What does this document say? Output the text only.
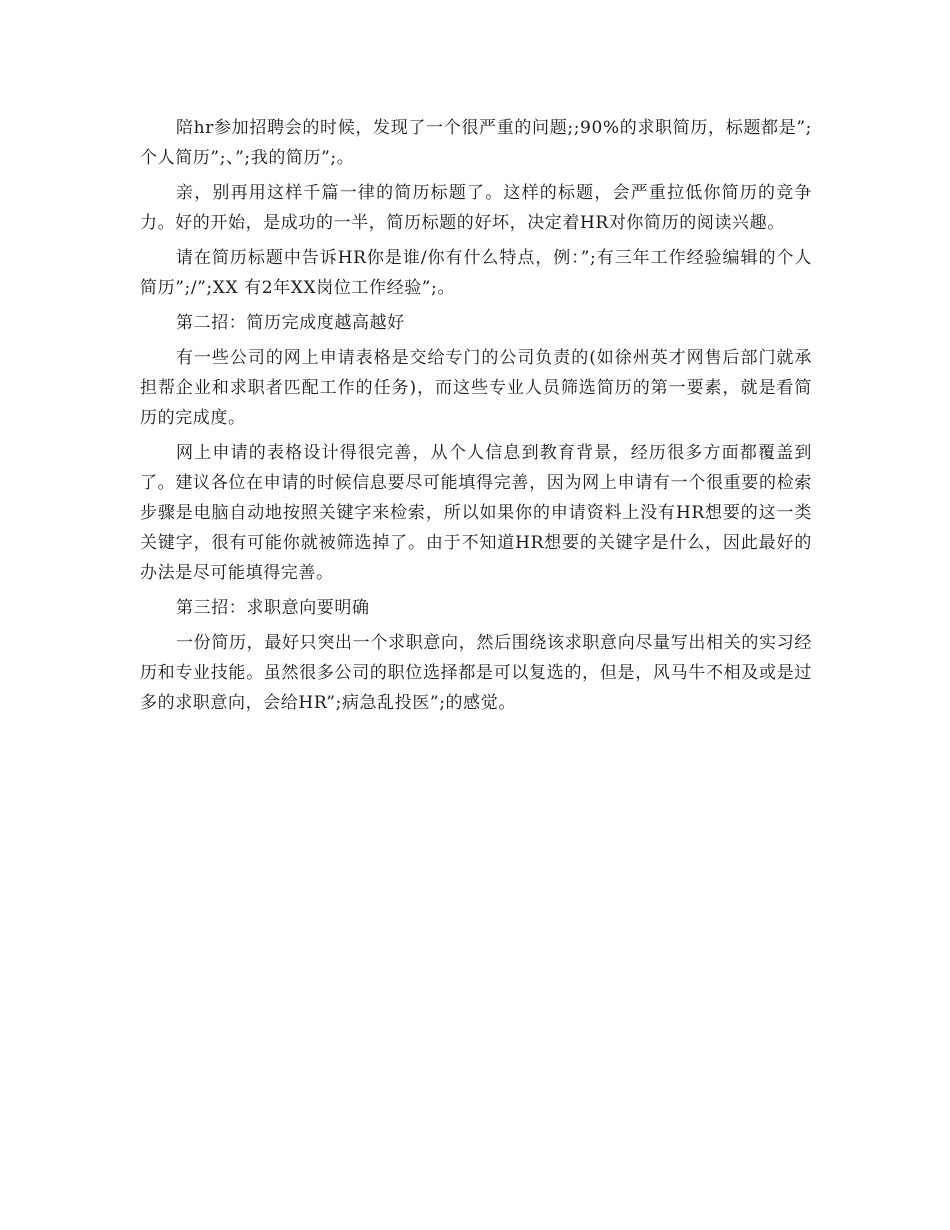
陪hr参加招聘会的时候，发现了一个很严重的问题;;90%的求职简历，标题都是”;个人简历”;、”;我的简历”;。

亲，别再用这样千篇一律的简历标题了。这样的标题，会严重拉低你简历的竞争力。好的开始，是成功的一半，简历标题的好坏，决定着HR对你简历的阅读兴趣。

请在简历标题中告诉HR你是谁/你有什么特点，例：”;有三年工作经验编辑的个人简历”;/”;XX 有2年XX岗位工作经验”;。

第二招：简历完成度越高越好

有一些公司的网上申请表格是交给专门的公司负责的(如徐州英才网售后部门就承担帮企业和求职者匹配工作的任务)，而这些专业人员筛选简历的第一要素，就是看简历的完成度。

网上申请的表格设计得很完善，从个人信息到教育背景，经历很多方面都覆盖到了。建议各位在申请的时候信息要尽可能填得完善，因为网上申请有一个很重要的检索步骤是电脑自动地按照关键字来检索，所以如果你的申请资料上没有HR想要的这一类关键字，很有可能你就被筛选掉了。由于不知道HR想要的关键字是什么，因此最好的办法是尽可能填得完善。

第三招：求职意向要明确

一份简历，最好只突出一个求职意向，然后围绕该求职意向尽量写出相关的实习经历和专业技能。虽然很多公司的职位选择都是可以复选的，但是，风马牛不相及或是过多的求职意向，会给HR”;病急乱投医”;的感觉。
